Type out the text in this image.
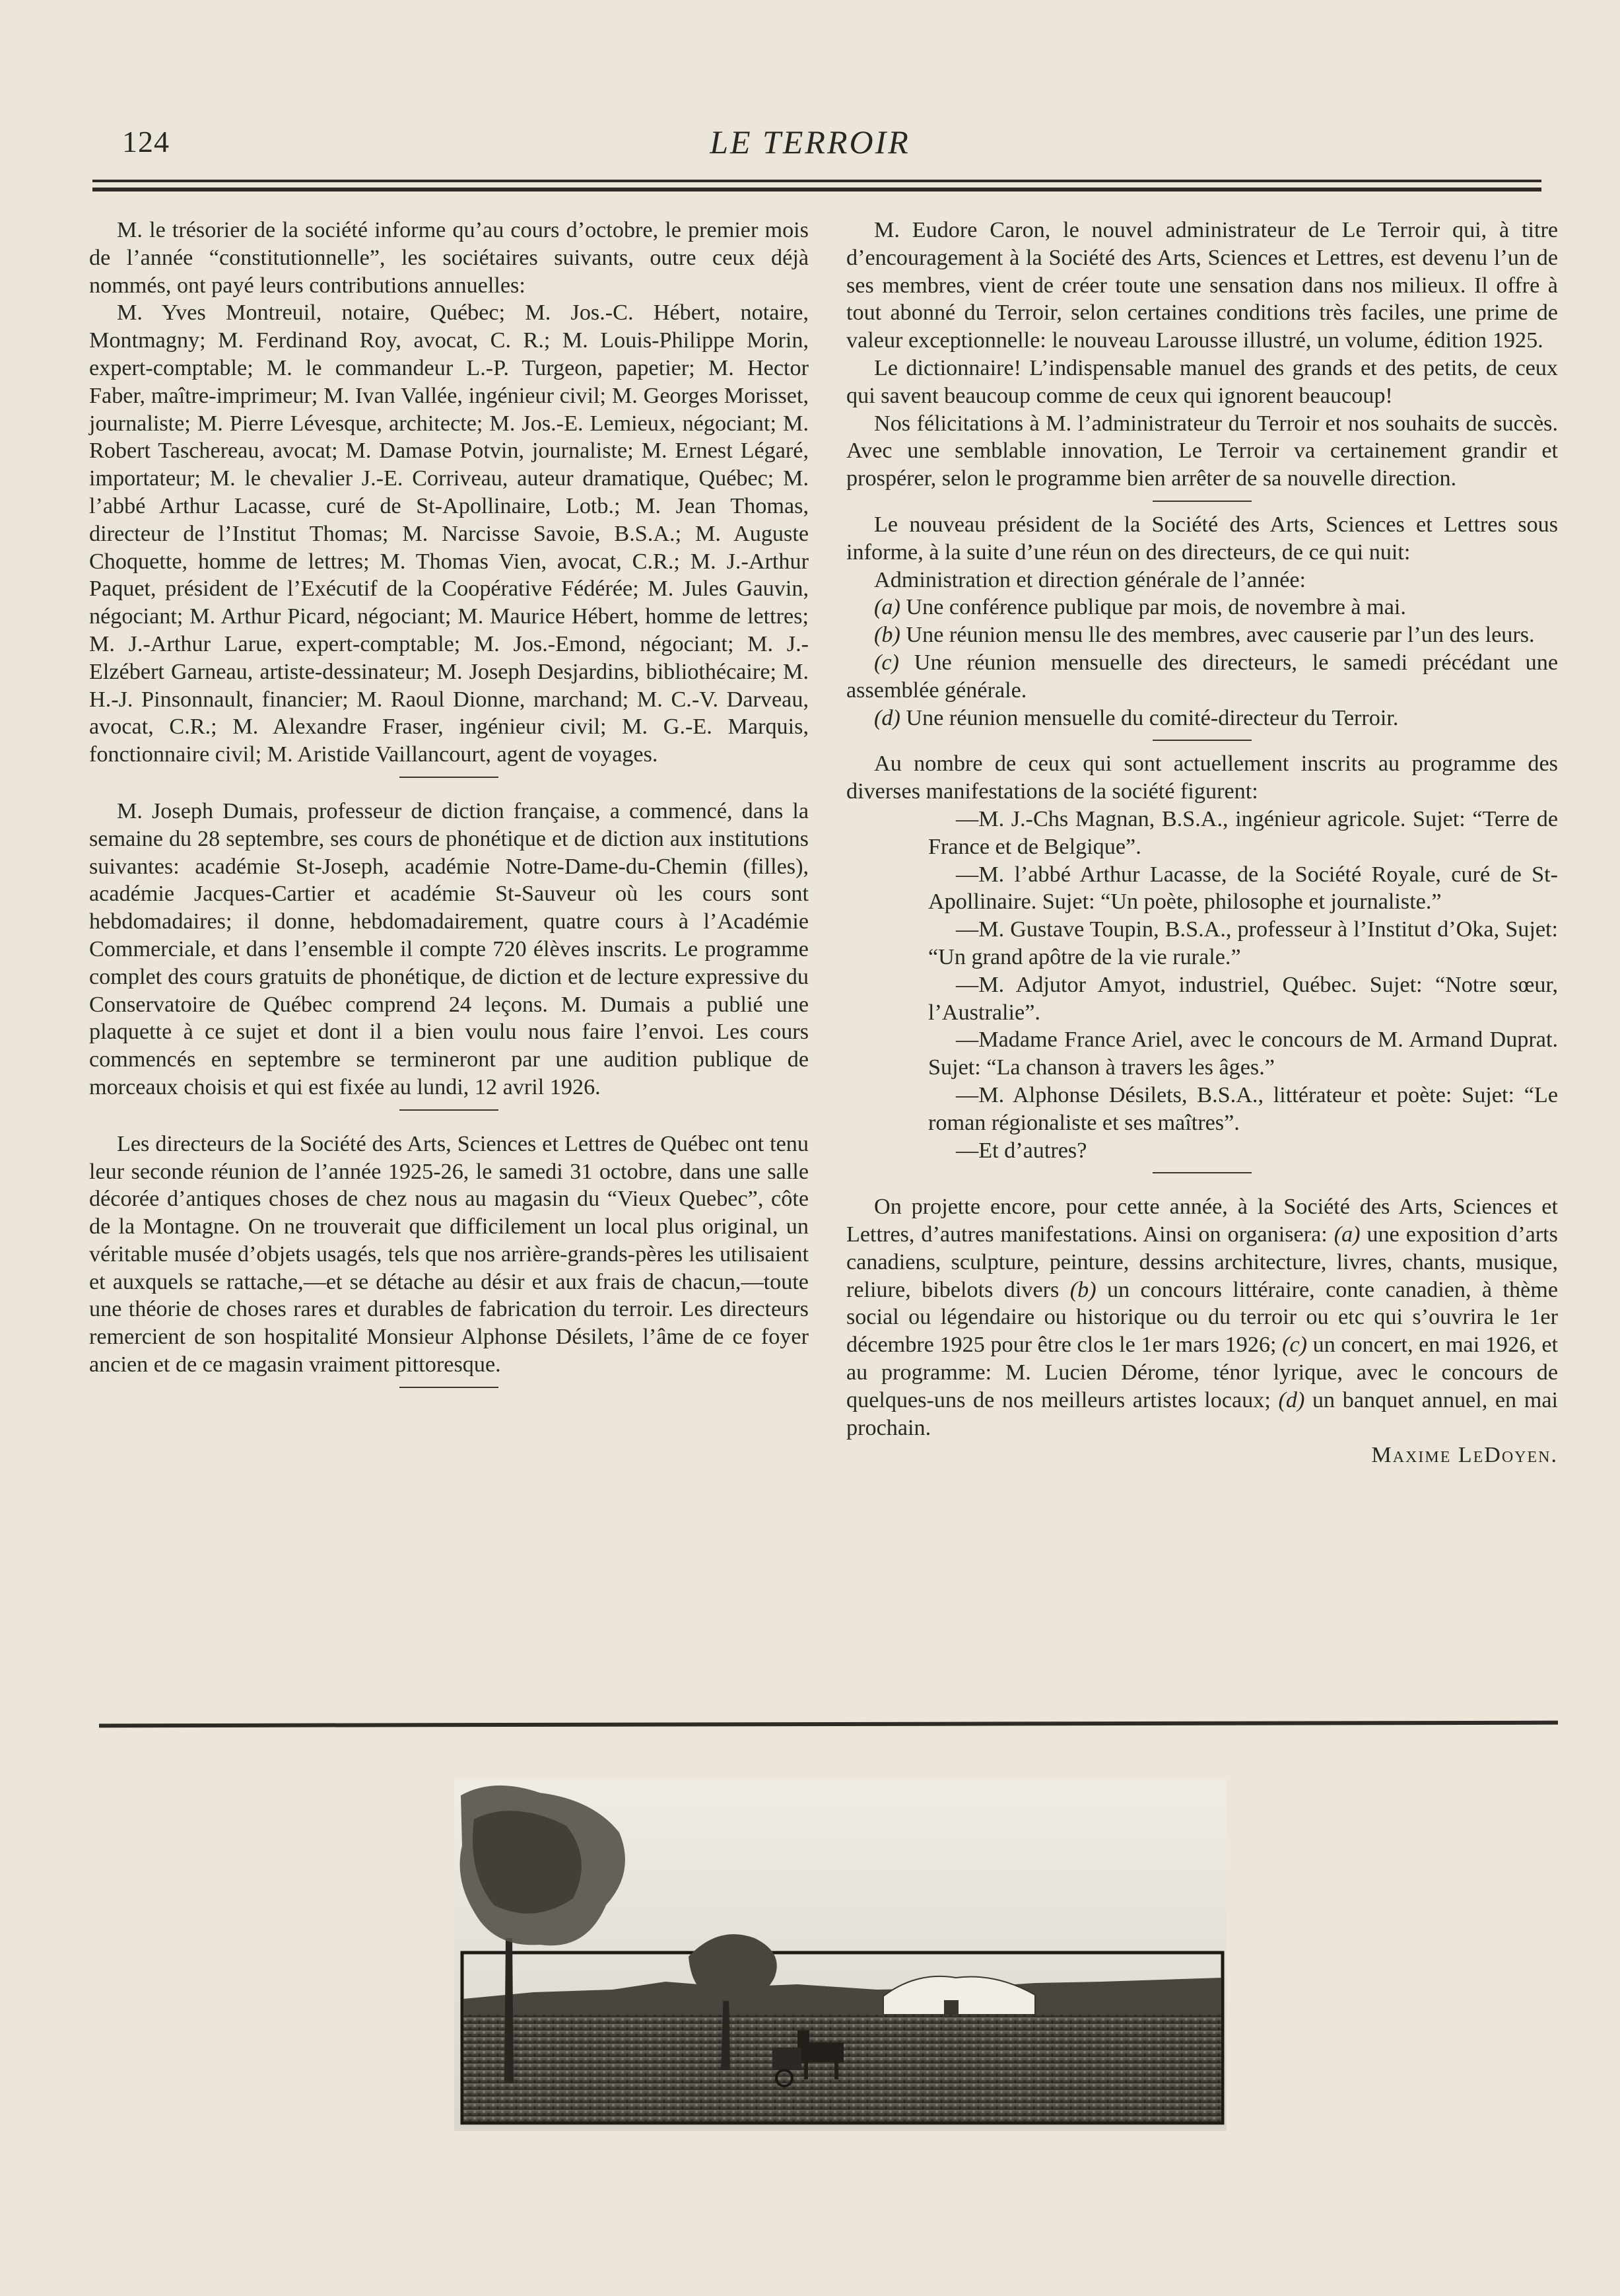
124	LE TERROIR

M. le trésorier de la société informe qu’au cours d’octobre, le premier mois de l’année “constitutionnelle”, les sociétaires suivants, outre ceux déjà nommés, ont payé leurs contributions annuelles:

M. Yves Montreuil, notaire, Québec; M. Jos.-C. Hébert, notaire, Montmagny; M. Ferdinand Roy, avocat, C. R.; M. Louis-Philippe Morin, expert-comptable; M. le commandeur L.-P. Turgeon, papetier; M. Hector Faber, maître-imprimeur; M. Ivan Vallée, ingénieur civil; M. Georges Morisset, journaliste; M. Pierre Lévesque, architecte; M. Jos.-E. Lemieux, négociant; M. Robert Taschereau, avocat; M. Damase Potvin, journaliste; M. Ernest Légaré, importateur; M. le chevalier J.-E. Corriveau, auteur dramatique, Québec; M. l’abbé Arthur Lacasse, curé de St-Apollinaire, Lotb.; M. Jean Thomas, directeur de l’Institut Thomas; M. Narcisse Savoie, B.S.A.; M. Auguste Choquette, homme de lettres; M. Thomas Vien, avocat, C.R.; M. J.-Arthur Paquet, président de l’Exécutif de la Coopérative Fédérée; M. Jules Gauvin, négociant; M. Arthur Picard, négociant; M. Maurice Hébert, homme de lettres; M. J.-Arthur Larue, expert-comptable; M. Jos.-Emond, négociant; M. J.-Elzébert Garneau, artiste-dessinateur; M. Joseph Desjardins, bibliothécaire; M. H.-J. Pinsonnault, financier; M. Raoul Dionne, marchand; M. C.-V. Darveau, avocat, C.R.; M. Alexandre Fraser, ingénieur civil; M. G.-E. Marquis, fonctionnaire civil; M. Aristide Vaillancourt, agent de voyages.

M. Joseph Dumais, professeur de diction française, a commencé, dans la semaine du 28 septembre, ses cours de phonétique et de diction aux institutions suivantes: académie St-Joseph, académie Notre-Dame-du-Chemin (filles), académie Jacques-Cartier et académie St-Sauveur où les cours sont hebdomadaires; il donne, hebdomadairement, quatre cours à l’Académie Commerciale, et dans l’ensemble il compte 720 élèves inscrits. Le programme complet des cours gratuits de phonétique, de diction et de lecture expressive du Conservatoire de Québec comprend 24 leçons. M. Dumais a publié une plaquette à ce sujet et dont il a bien voulu nous faire l’envoi. Les cours commencés en septembre se termineront par une audition publique de morceaux choisis et qui est fixée au lundi, 12 avril 1926.

Les directeurs de la Société des Arts, Sciences et Lettres de Québec ont tenu leur seconde réunion de l’année 1925-26, le samedi 31 octobre, dans une salle décorée d’antiques choses de chez nous au magasin du “Vieux Quebec”, côte de la Montagne. On ne trouverait que difficilement un local plus original, un véritable musée d’objets usagés, tels que nos arrière-grands-pères les utilisaient et auxquels se rattache,—et se détache au désir et aux frais de chacun,—toute une théorie de choses rares et durables de fabrication du terroir. Les directeurs remercient de son hospitalité Monsieur Alphonse Désilets, l’âme de ce foyer ancien et de ce magasin vraiment pittoresque.

M. Eudore Caron, le nouvel administrateur de Le Terroir qui, à titre d’encouragement à la Société des Arts, Sciences et Lettres, est devenu l’un de ses membres, vient de créer toute une sensation dans nos milieux. Il offre à tout abonné du Terroir, selon certaines conditions très faciles, une prime de valeur exceptionnelle: le nouveau Larousse illustré, un volume, édition 1925.

Le dictionnaire! L’indispensable manuel des grands et des petits, de ceux qui savent beaucoup comme de ceux qui ignorent beaucoup!

Nos félicitations à M. l’administrateur du Terroir et nos souhaits de succès. Avec une semblable innovation, Le Terroir va certainement grandir et prospérer, selon le programme bien arrêter de sa nouvelle direction.

Le nouveau président de la Société des Arts, Sciences et Lettres sous informe, à la suite d’une réun on des directeurs, de ce qui nuit:

Administration et direction générale de l’année:

(a) Une conférence publique par mois, de novembre à mai.

(b) Une réunion mensu lle des membres, avec causerie par l’un des leurs.

(c) Une réunion mensuelle des directeurs, le samedi précédant une assemblée générale.

(d) Une réunion mensuelle du comité-directeur du Terroir.

Au nombre de ceux qui sont actuellement inscrits au programme des diverses manifestations de la société figurent:

—M. J.-Chs Magnan, B.S.A., ingénieur agricole. Sujet: “Terre de France et de Belgique”.

—M. l’abbé Arthur Lacasse, de la Société Royale, curé de St-Apollinaire. Sujet: “Un poète, philosophe et journaliste.”

—M. Gustave Toupin, B.S.A., professeur à l’Institut d’Oka, Sujet: “Un grand apôtre de la vie rurale.”

—M. Adjutor Amyot, industriel, Québec. Sujet: “Notre sœur, l’Australie”.

—Madame France Ariel, avec le concours de M. Armand Duprat. Sujet: “La chanson à travers les âges.”

—M. Alphonse Désilets, B.S.A., littérateur et poète: Sujet: “Le roman régionaliste et ses maîtres”.

—Et d’autres?

On projette encore, pour cette année, à la Société des Arts, Sciences et Lettres, d’autres manifestations. Ainsi on organisera: (a) une exposition d’arts canadiens, sculpture, peinture, dessins architecture, livres, chants, musique, reliure, bibelots divers (b) un concours littéraire, conte canadien, à thème social ou légendaire ou historique ou du terroir ou etc qui s’ouvrira le 1er décembre 1925 pour être clos le 1er mars 1926; (c) un concert, en mai 1926, et au programme: M. Lucien Dérome, ténor lyrique, avec le concours de quelques-uns de nos meilleurs artistes locaux; (d) un banquet annuel, en mai prochain.

Maxime LeDoyen.
